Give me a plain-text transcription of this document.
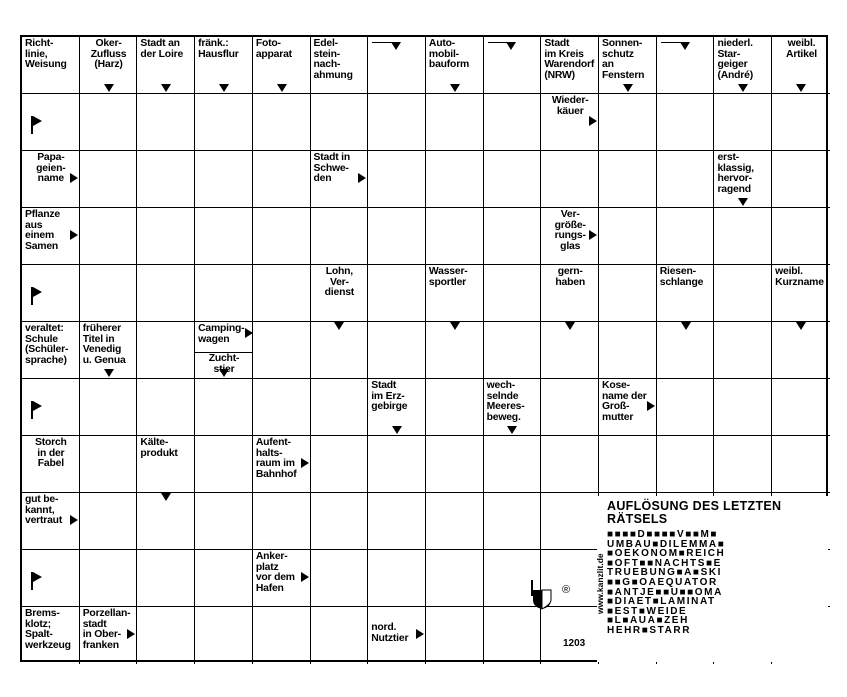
Richt-
linie,
Weisung
Oker-
Zufluss
(Harz)
Stadt an
der Loire
fränk.:
Hausflur
Foto-
apparat
Edel-
stein-
nach-
ahmung
Auto-
mobil-
bauform
Stadt
im Kreis
Warendorf
(NRW)
Sonnen-
schutz
an
Fenstern
niederl.
Star-
geiger
(André)
weibl.
Artikel
Wieder-
käuer
Papa-
geien-
name
Stadt in
Schwe-
den
erst-
klassig,
hervor-
ragend
Pflanze
aus
einem
Samen
Ver-
größe-
rungs-
glas
Lohn,
Ver-
dienst
Wasser-
sportler
gern-
haben
Riesen-
schlange
weibl.
Kurzname
veraltet:
Schule
(Schüler-
sprache)
früherer
Titel in
Venedig
u. Genua
Camping-
wagen
Zucht-
stier
Stadt
im Erz-
gebirge
wech-
selnde
Meeres-
beweg.
Kose-
name der
Groß-
mutter
Storch
in der
Fabel
Kälte-
produkt
Aufent-
halts-
raum im
Bahnhof
gut be-
kannt,
vertraut
Anker-
platz
vor dem
Hafen
Brems-
klotz;
Spalt-
werkzeug
Porzellan-
stadt
in Ober-
franken
nord.
Nutztier
AUFLÖSUNG DES LETZTEN
RÄTSELS
■■■■D■■■■V■■M■
UMBAU■DILEMMA■
■OEKONOM■REICH
■OFT■■NACHTS■E
TRUEBUNG■A■SKI
■■G■OAEQUATOR
■ANTJE■■U■■OMA
■DIAET■LAMINAT
■EST■WEIDE
■L■AUA■ZEH
HEHR■STARR
www.kanzlit.de
®
1203
